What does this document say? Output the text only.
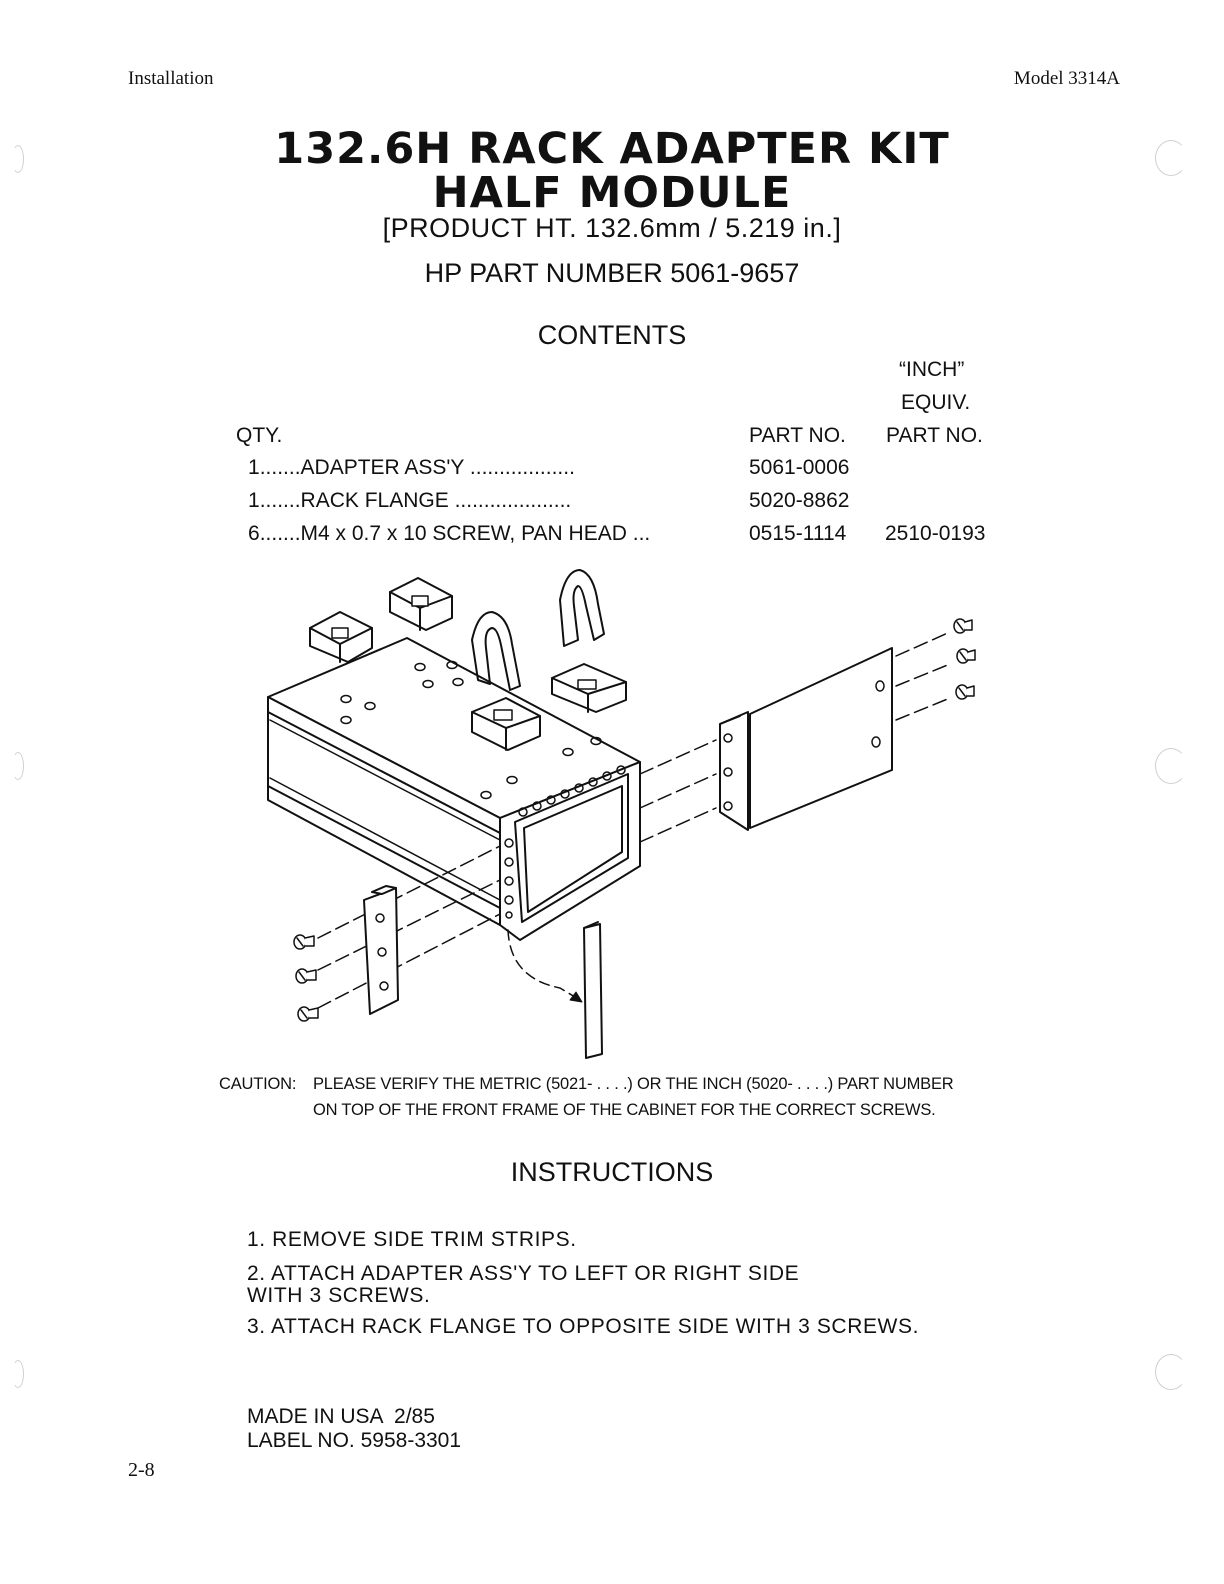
Installation	Model 3314A
132.6H RACK ADAPTER KIT
HALF MODULE
[PRODUCT HT. 132.6mm / 5.219 in.]
HP PART NUMBER 5061-9657
CONTENTS
“INCH”
EQUIV.
QTY.	PART NO. PART NO.
1.......ADAPTER ASS'Y ..................	5061-0006
1.......RACK FLANGE ....................	5020-8862
6.......M4 x 0.7 x 10 SCREW, PAN HEAD ...	0515-1114 2510-0193
CAUTION: PLEASE VERIFY THE METRIC (5021- . . . .) OR THE INCH (5020- . . . .) PART NUMBER
ON TOP OF THE FRONT FRAME OF THE CABINET FOR THE CORRECT SCREWS.
INSTRUCTIONS
1. REMOVE SIDE TRIM STRIPS.
2. ATTACH ADAPTER ASS'Y TO LEFT OR RIGHT SIDE
WITH 3 SCREWS.
3. ATTACH RACK FLANGE TO OPPOSITE SIDE WITH 3 SCREWS.
MADE IN USA  2/85
LABEL NO. 5958-3301
2-8
